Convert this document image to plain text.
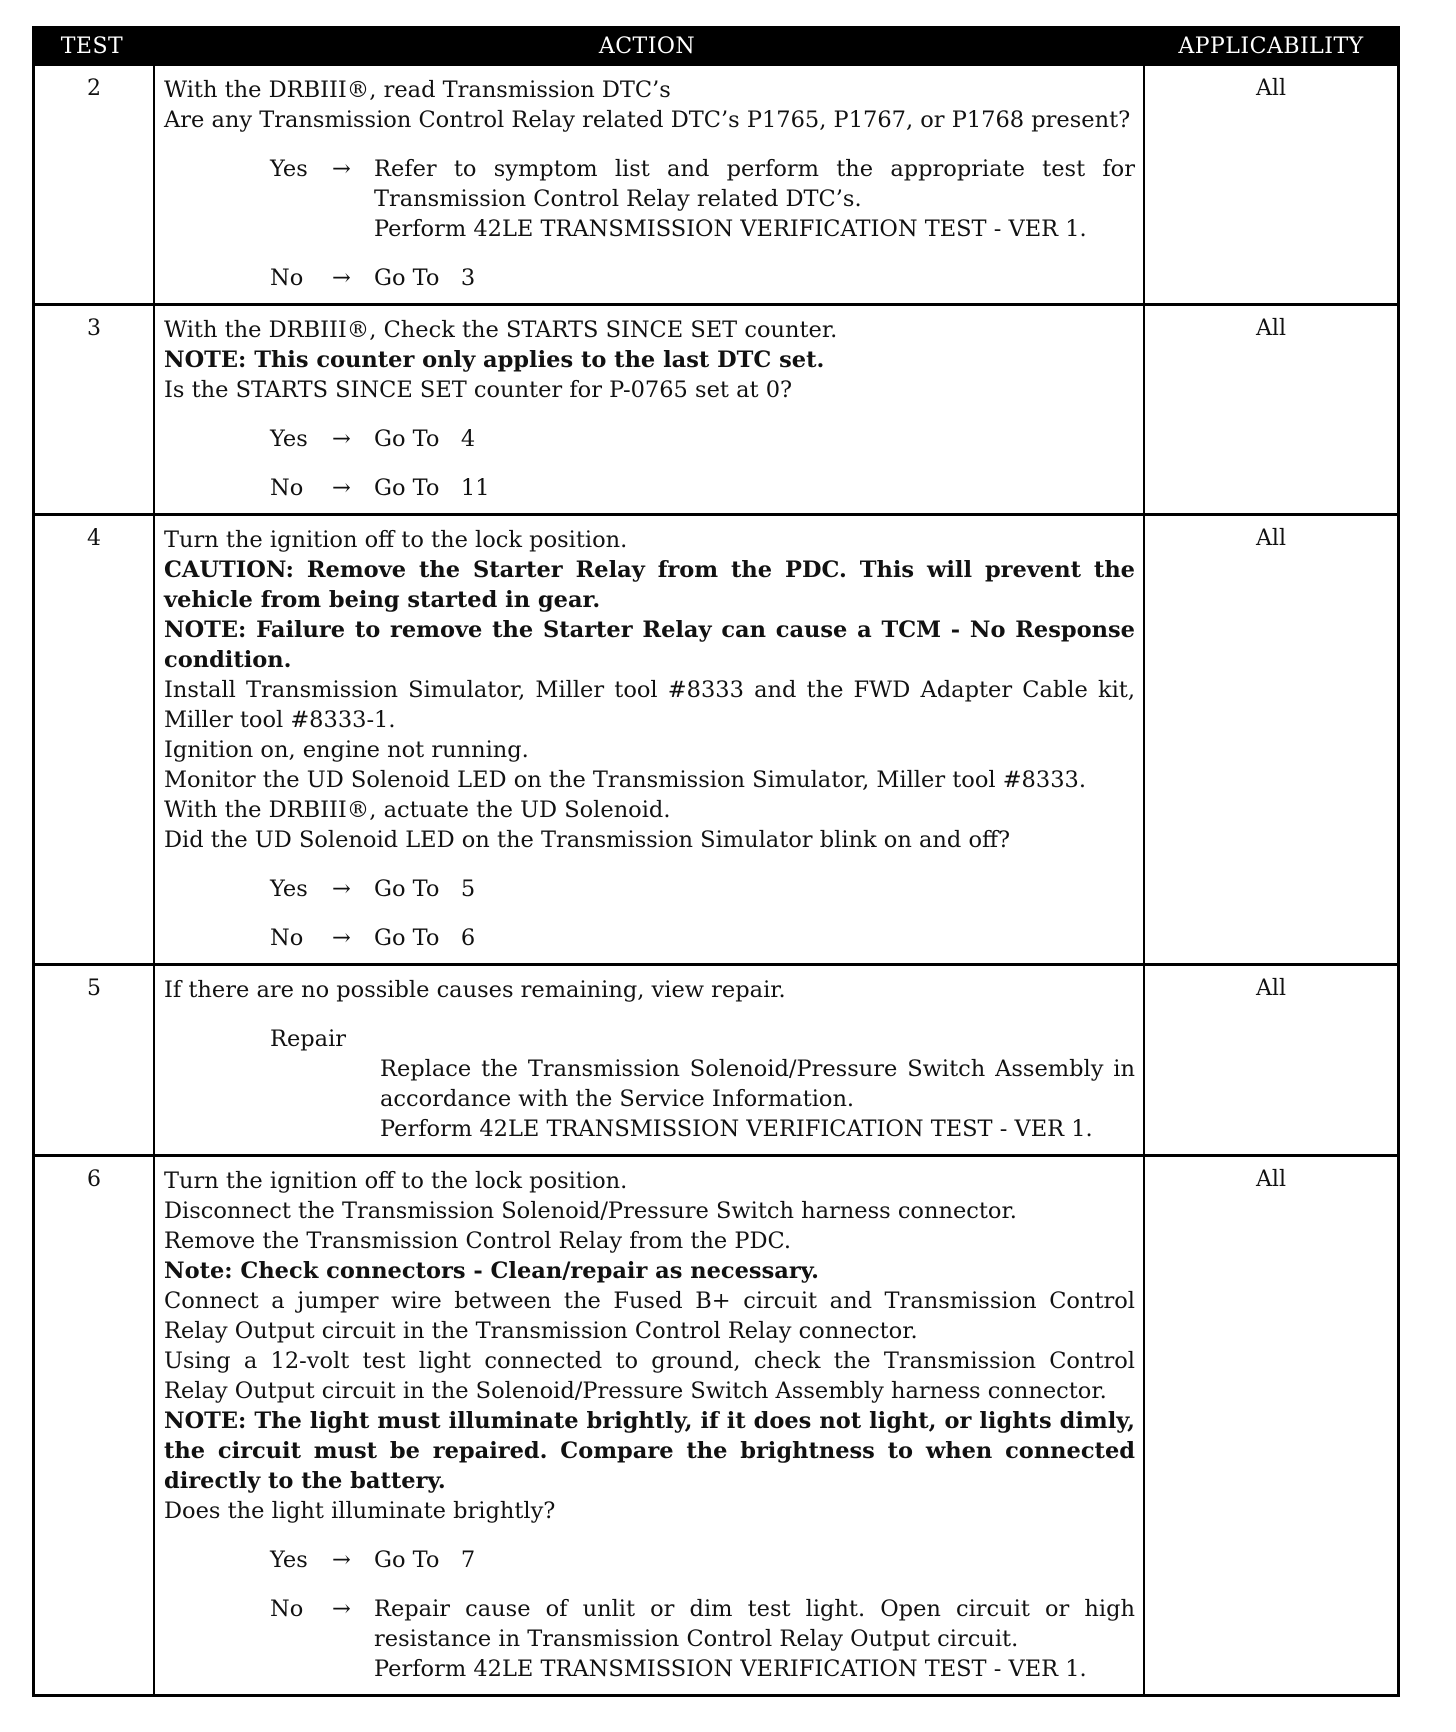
TEST	ACTION	APPLICABILITY
2	With the DRBIII®, read Transmission DTC’s
Are any Transmission Control Relay related DTC’s P1765, P1767, or P1768 present?
Yes	→	Refer to symptom list and perform the appropriate test for Transmission Control Relay related DTC’s.
Perform 42LE TRANSMISSION VERIFICATION TEST - VER 1.
No	→	Go To   3
All
3	With the DRBIII®, Check the STARTS SINCE SET counter.
NOTE: This counter only applies to the last DTC set.
Is the STARTS SINCE SET counter for P-0765 set at 0?
Yes	→	Go To   4
No	→	Go To   11
All
4	Turn the ignition off to the lock position.
CAUTION: Remove the Starter Relay from the PDC. This will prevent the vehicle from being started in gear.
NOTE: Failure to remove the Starter Relay can cause a TCM - No Response condition.
Install Transmission Simulator, Miller tool #8333 and the FWD Adapter Cable kit, Miller tool #8333-1.
Ignition on, engine not running.
Monitor the UD Solenoid LED on the Transmission Simulator, Miller tool #8333.
With the DRBIII®, actuate the UD Solenoid.
Did the UD Solenoid LED on the Transmission Simulator blink on and off?
Yes	→	Go To   5
No	→	Go To   6
All
5	If there are no possible causes remaining, view repair.
Repair
Replace the Transmission Solenoid/Pressure Switch Assembly in accordance with the Service Information.
Perform 42LE TRANSMISSION VERIFICATION TEST - VER 1.
All
6	Turn the ignition off to the lock position.
Disconnect the Transmission Solenoid/Pressure Switch harness connector.
Remove the Transmission Control Relay from the PDC.
Note: Check connectors - Clean/repair as necessary.
Connect a jumper wire between the Fused B+ circuit and Transmission Control Relay Output circuit in the Transmission Control Relay connector.
Using a 12-volt test light connected to ground, check the Transmission Control Relay Output circuit in the Solenoid/Pressure Switch Assembly harness connector.
NOTE: The light must illuminate brightly, if it does not light, or lights dimly, the circuit must be repaired. Compare the brightness to when connected directly to the battery.
Does the light illuminate brightly?
Yes	→	Go To   7
No	→	Repair cause of unlit or dim test light. Open circuit or high resistance in Transmission Control Relay Output circuit.
Perform 42LE TRANSMISSION VERIFICATION TEST - VER 1.
All
